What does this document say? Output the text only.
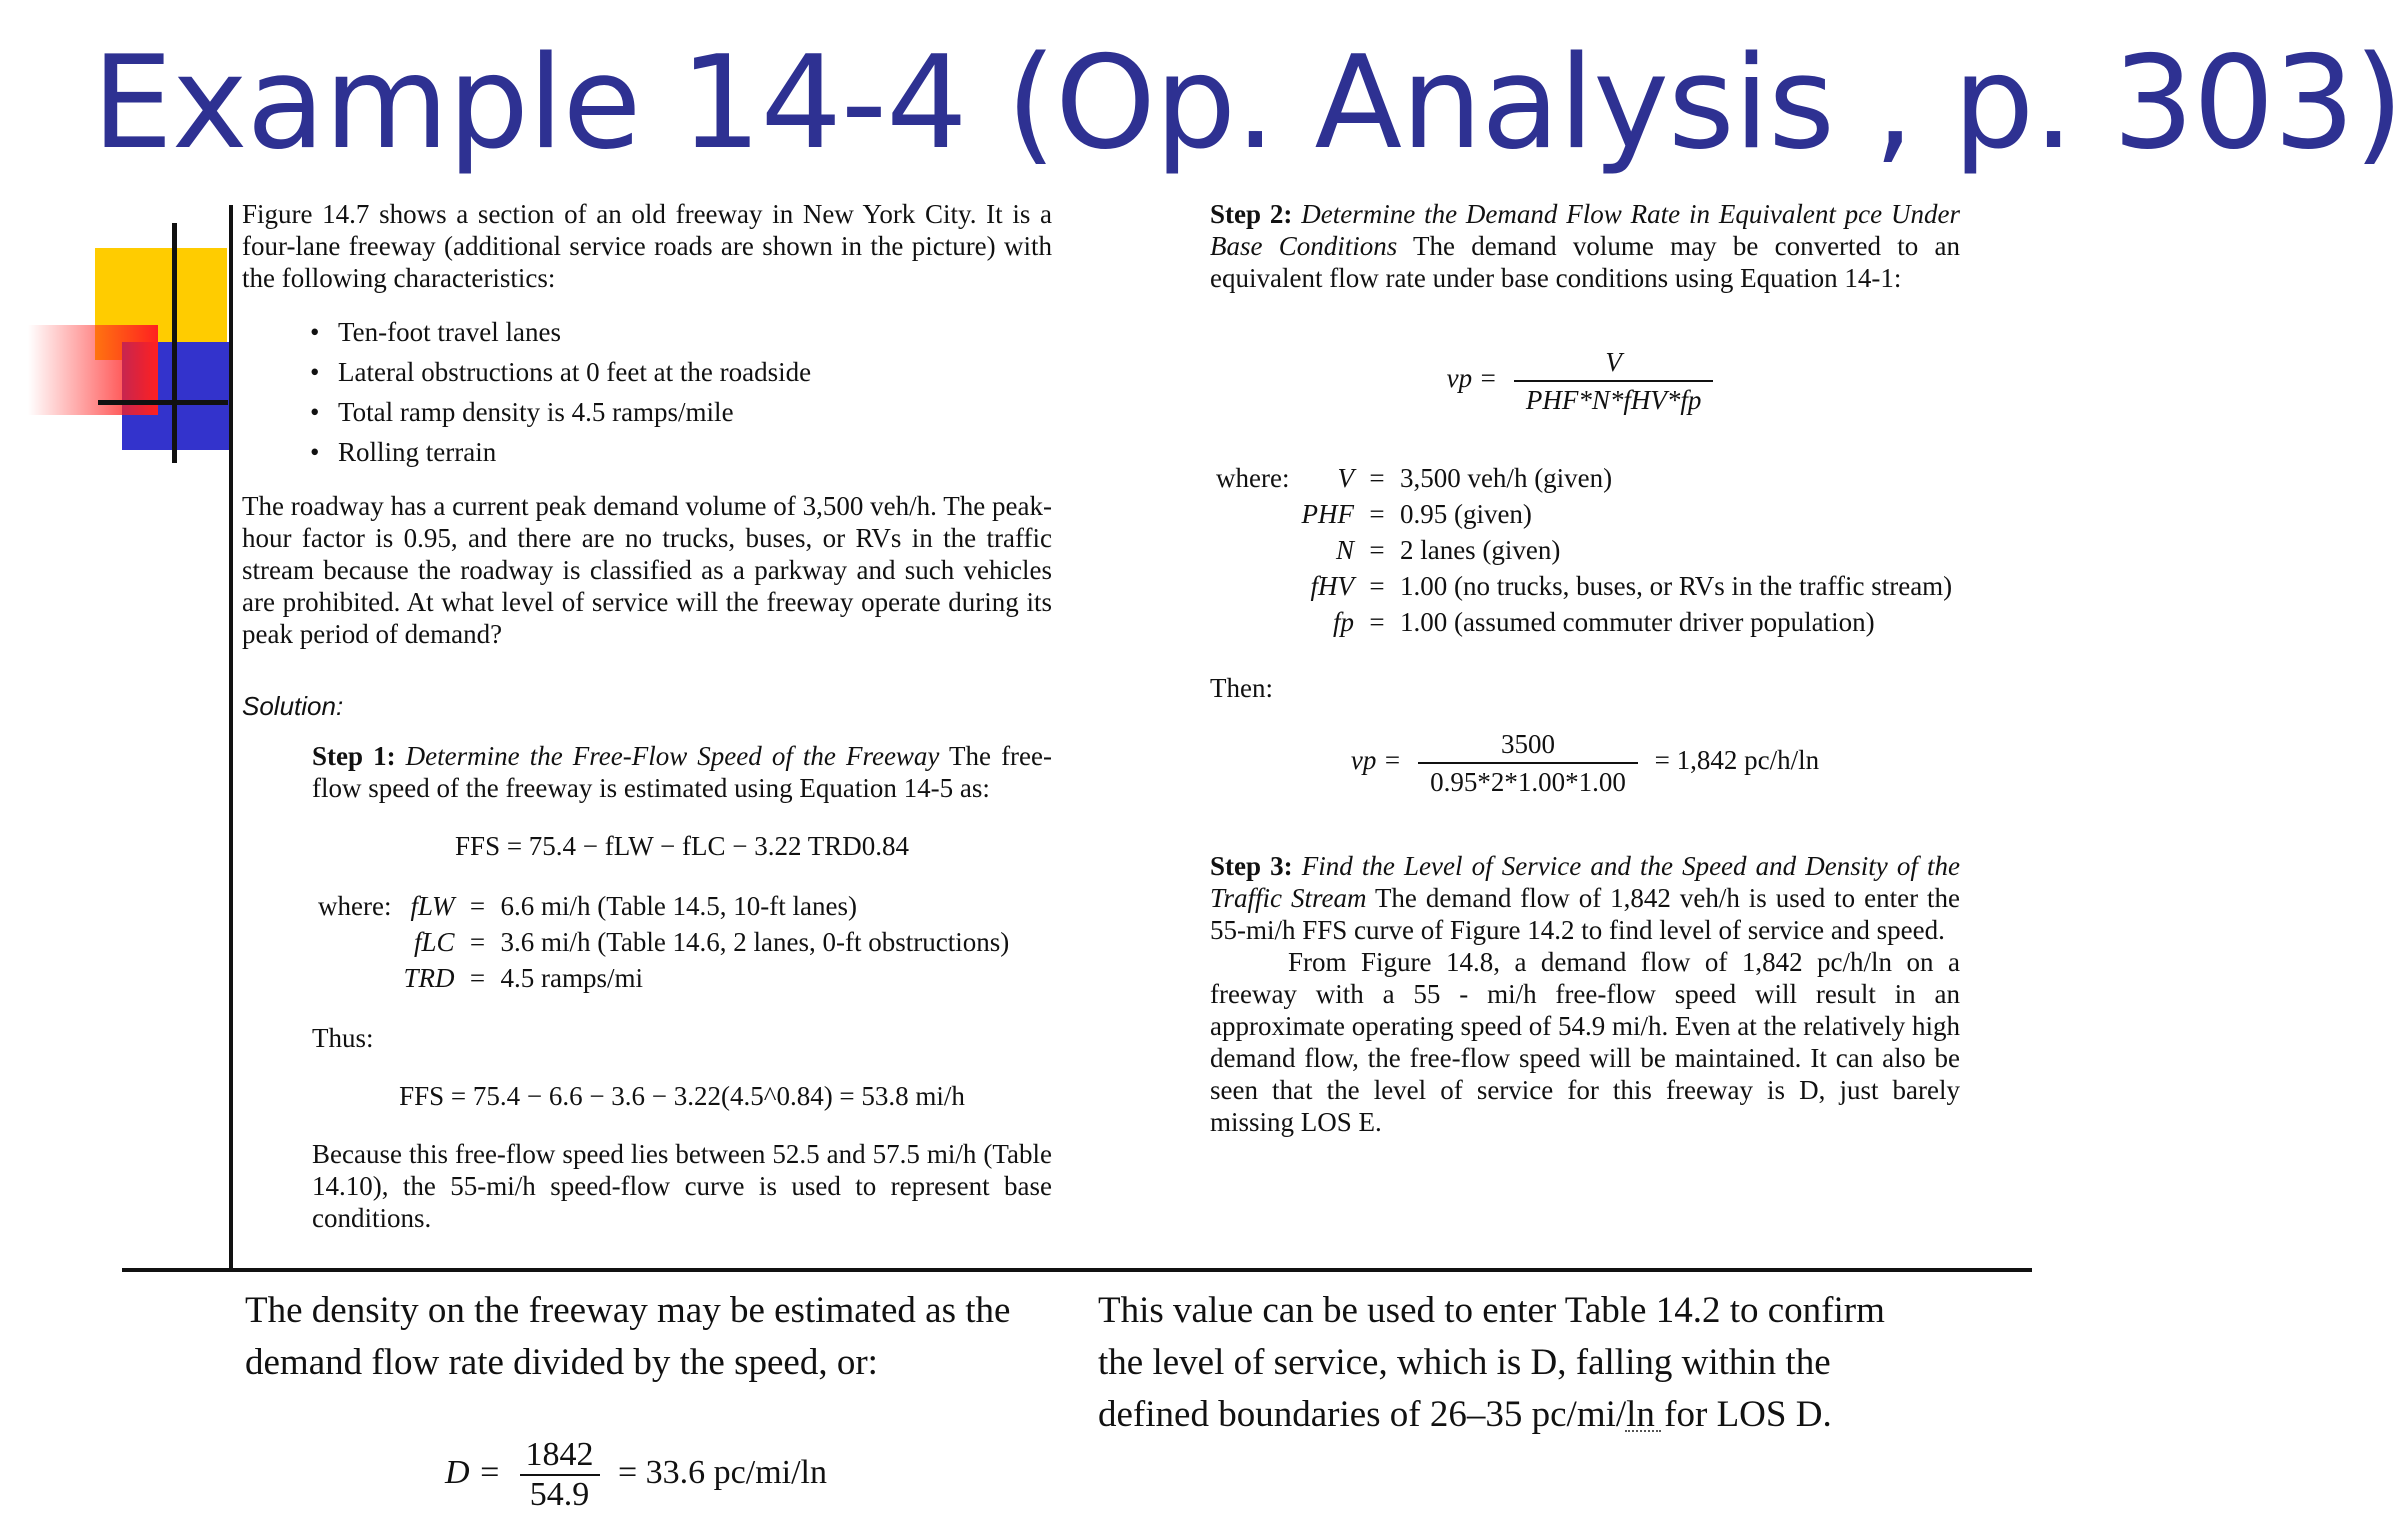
Example 14-4 (Op. Analysis , p. 303)

Figure 14.7 shows a section of an old freeway in New York City. It is a four-lane freeway (additional service roads are shown in the picture) with the following characteristics:

• Ten-foot travel lanes
• Lateral obstructions at 0 feet at the roadside
• Total ramp density is 4.5 ramps/mile
• Rolling terrain

The roadway has a current peak demand volume of 3,500 veh/h. The peak-hour factor is 0.95, and there are no trucks, buses, or RVs in the traffic stream because the roadway is classified as a parkway and such vehicles are prohibited. At what level of service will the freeway operate during its peak period of demand?

Solution:

Step 1: Determine the Free-Flow Speed of the Freeway The free-flow speed of the freeway is estimated using Equation 14-5 as:

FFS = 75.4 − fLW − fLC − 3.22 TRD0.84
where:	fLW	=	6.6 mi/h (Table 14.5, 10-ft lanes)
	fLC	=	3.6 mi/h (Table 14.6, 2 lanes, 0-ft obstructions)
	TRD	=	4.5 ramps/mi
Thus:
FFS = 75.4 − 6.6 − 3.6 − 3.22(4.5^0.84) = 53.8 mi/h

Because this free-flow speed lies between 52.5 and 57.5 mi/h (Table 14.10), the 55-mi/h speed-flow curve is used to represent base conditions.

Step 2: Determine the Demand Flow Rate in Equivalent pce Under Base Conditions The demand volume may be converted to an equivalent flow rate under base conditions using Equation 14-1:

vp = $\frac{V}{\text{PHF*N*fHV*fp}}$
where:	V	=	3,500 veh/h (given)
	PHF	=	0.95 (given)
	N	=	2 lanes (given)
	fHV	=	1.00 (no trucks, buses, or RVs in the traffic stream)
	fp	=	1.00 (assumed commuter driver population)
Then:
vp = $\frac{3500}{0.95*2*1.00*1.00} = 1,842$ pc/h/ln

Step 3: Find the Level of Service and the Speed and Density of the Traffic Stream The demand flow of 1,842 veh/h is used to enter the 55-mi/h FFS curve of Figure 14.2 to find level of service and speed.

From Figure 14.8, a demand flow of 1,842 pc/h/ln on a freeway with a 55 - mi/h free-flow speed will result in an approximate operating speed of 54.9 mi/h. Even at the relatively high demand flow, the free-flow speed will be maintained. It can also be seen that the level of service for this freeway is D, just barely missing LOS E.

The density on the freeway may be estimated as the demand flow rate divided by the speed, or:
$D = \frac{1842}{54.9} = 33.6$ pc/mi/ln
This value can be used to enter Table 14.2 to confirm the level of service, which is D, falling within the defined boundaries of 26–35 pc/mi/ln for LOS D.
